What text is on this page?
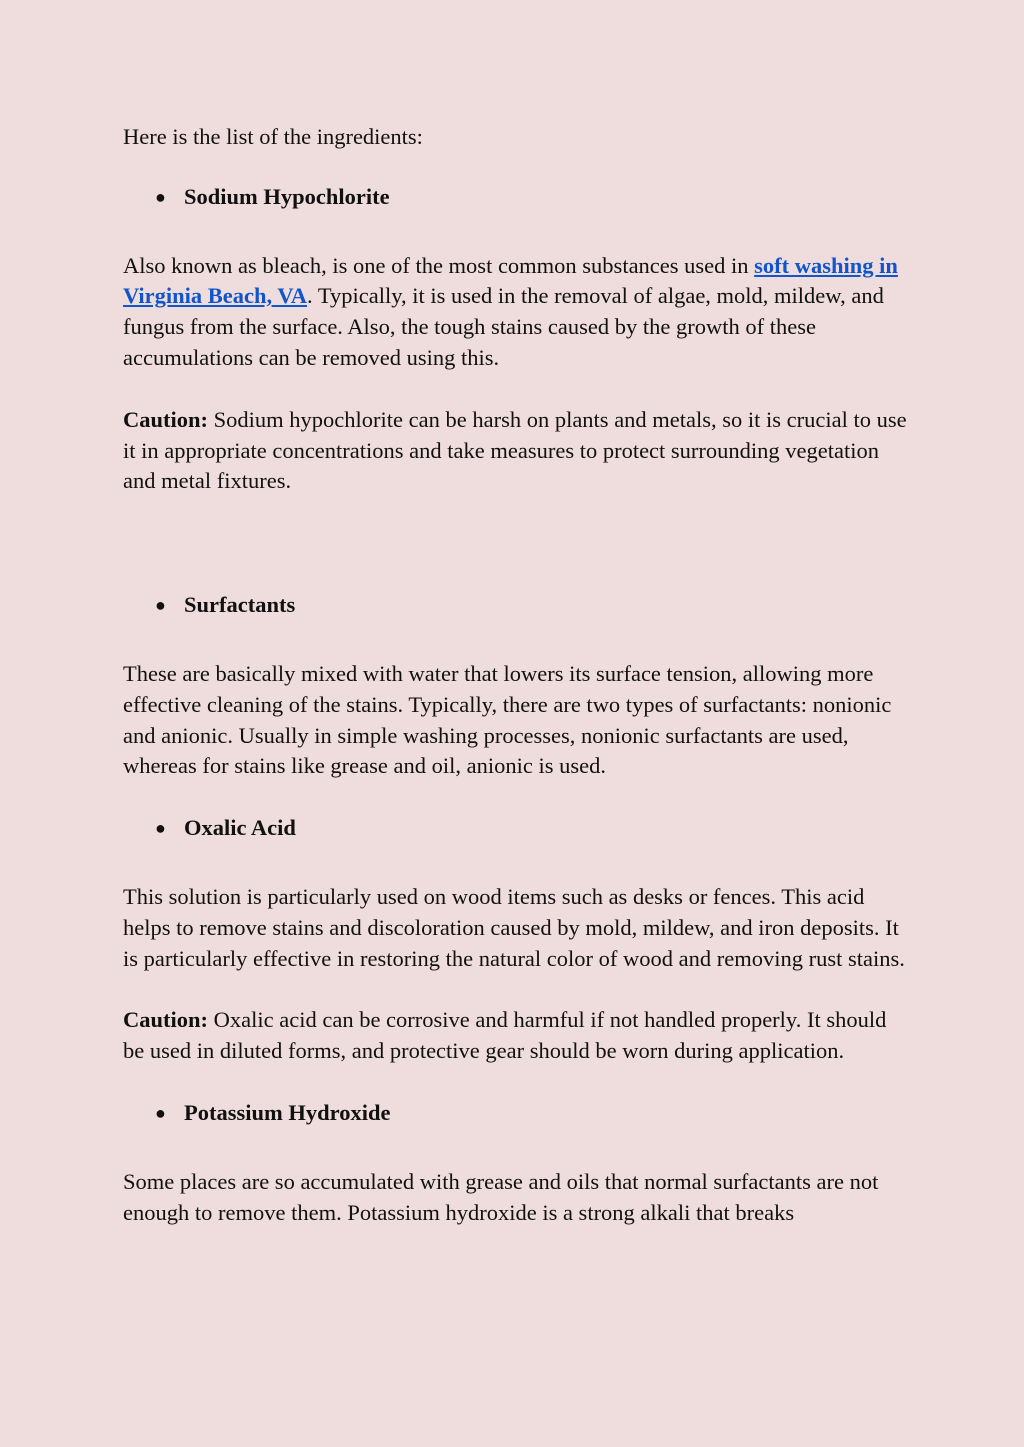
Here is the list of the ingredients:

● Sodium Hypochlorite

Also known as bleach, is one of the most common substances used in soft washing in Virginia Beach, VA. Typically, it is used in the removal of algae, mold, mildew, and fungus from the surface. Also, the tough stains caused by the growth of these accumulations can be removed using this.

Caution: Sodium hypochlorite can be harsh on plants and metals, so it is crucial to use it in appropriate concentrations and take measures to protect surrounding vegetation and metal fixtures.

● Surfactants

These are basically mixed with water that lowers its surface tension, allowing more effective cleaning of the stains. Typically, there are two types of surfactants: nonionic and anionic. Usually in simple washing processes, nonionic surfactants are used, whereas for stains like grease and oil, anionic is used.

● Oxalic Acid

This solution is particularly used on wood items such as desks or fences. This acid helps to remove stains and discoloration caused by mold, mildew, and iron deposits. It is particularly effective in restoring the natural color of wood and removing rust stains.

Caution: Oxalic acid can be corrosive and harmful if not handled properly. It should be used in diluted forms, and protective gear should be worn during application.

● Potassium Hydroxide

Some places are so accumulated with grease and oils that normal surfactants are not enough to remove them. Potassium hydroxide is a strong alkali that breaks
